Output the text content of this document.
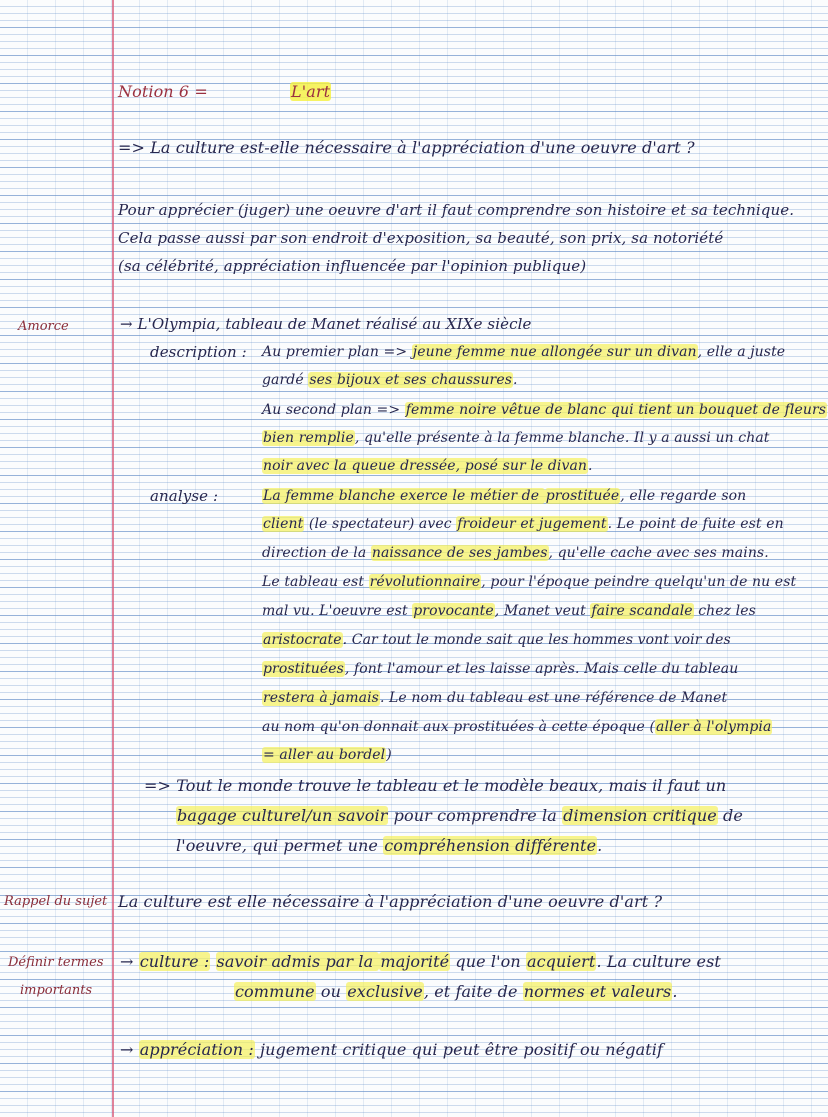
Notion 6 =	L'art
=> La culture est-elle nécessaire à l'appréciation d'une oeuvre d'art ?
Pour apprécier (juger) une oeuvre d'art il faut comprendre son histoire et sa technique.
Cela passe aussi par son endroit d'exposition, sa beauté, son prix, sa notoriété
(sa célébrité, appréciation influencée par l'opinion publique)
Amorce
Rappel du sujet
Définir termes
importants
→ L'Olympia, tableau de Manet réalisé au XIXe siècle
description : Au premier plan => jeune femme nue allongée sur un divan, elle a juste
gardé ses bijoux et ses chaussures.
Au second plan => femme noire vêtue de blanc qui tient un bouquet de fleurs
bien remplie, qu'elle présente à la femme blanche. Il y a aussi un chat
noir avec la queue dressée, posé sur le divan.
analyse :	La femme blanche exerce le métier de prostituée, elle regarde son
client (le spectateur) avec froideur et jugement. Le point de fuite est en
direction de la naissance de ses jambes, qu'elle cache avec ses mains.
Le tableau est révolutionnaire, pour l'époque peindre quelqu'un de nu est
mal vu. L'oeuvre est provocante, Manet veut faire scandale chez les
aristocrate. Car tout le monde sait que les hommes vont voir des
prostituées, font l'amour et les laisse après. Mais celle du tableau
restera à jamais. Le nom du tableau est une référence de Manet
au nom qu'on donnait aux prostituées à cette époque (aller à l'olympia
= aller au bordel)
=> Tout le monde trouve le tableau et le modèle beaux, mais il faut un
bagage culturel/un savoir pour comprendre la dimension critique de
l'oeuvre, qui permet une compréhension différente.
La culture est elle nécessaire à l'appréciation d'une oeuvre d'art ?
→ culture : savoir admis par la majorité que l'on acquiert. La culture est
commune ou exclusive, et faite de normes et valeurs.
→ appréciation : jugement critique qui peut être positif ou négatif
